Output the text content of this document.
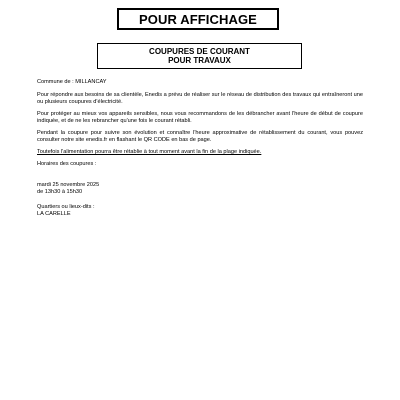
POUR AFFICHAGE
COUPURES DE COURANT
POUR TRAVAUX

Commune de : MILLANCAY

Pour répondre aux besoins de sa clientèle, Enedis a prévu de réaliser sur le réseau de distribution des travaux qui entraîneront une ou plusieurs coupures d'électricité.

Pour protéger au mieux vos appareils sensibles, nous vous recommandons de les débrancher avant l'heure de début de coupure indiquée, et de ne les rebrancher qu'une fois le courant rétabli.

Pendant la coupure pour suivre son évolution et connaître l'heure approximative de rétablissement du courant, vous pouvez consulter notre site enedis.fr en flashant le QR CODE en bas de page.

Toutefois l'alimentation pourra être rétablie à tout moment avant la fin de la plage indiquée.

Horaires des coupures :

mardi 25 novembre 2025

de 13h30 à 15h30

Quartiers ou lieux-dits :

LA CARELLE
